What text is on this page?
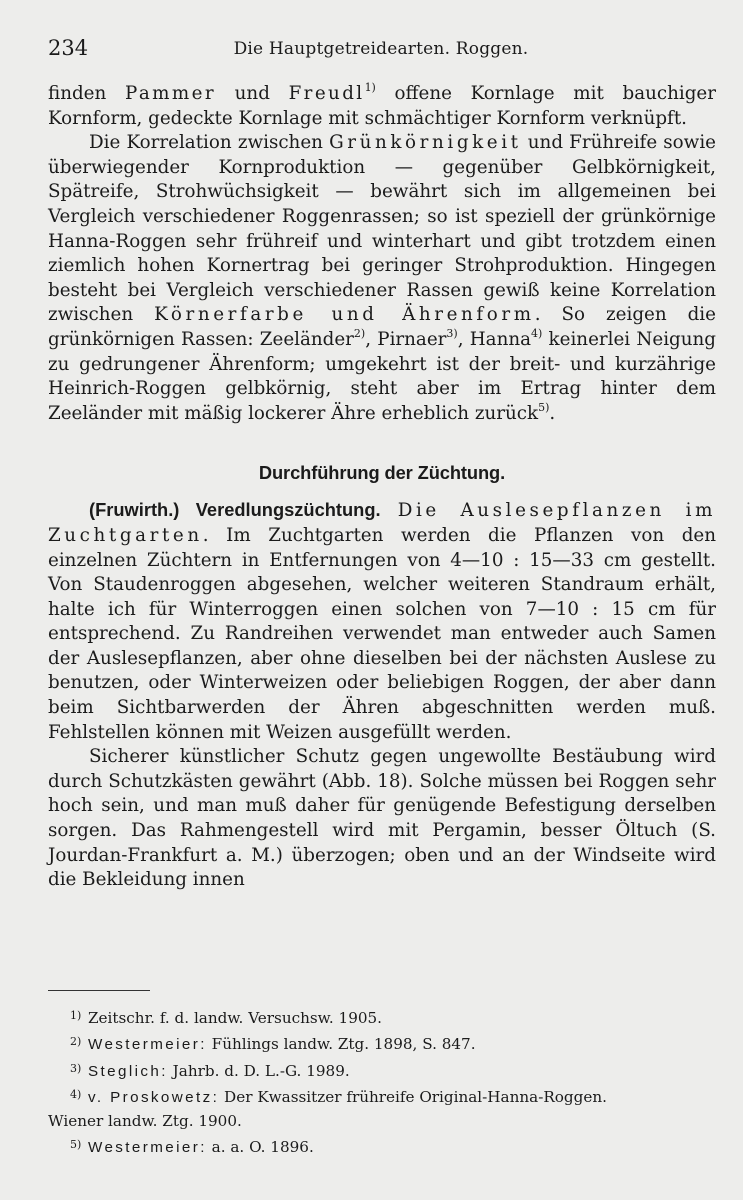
234	Die Hauptgetreidearten. Roggen.

finden Pammer und Freudl$^{1)}$ offene Kornlage mit bauchiger Kornform, gedeckte Kornlage mit schmächtiger Kornform verknüpft.

Die Korrelation zwischen Grünkörnigkeit und Frühreife sowie überwiegender Kornproduktion — gegenüber Gelbkörnigkeit, Spätreife, Strohwüchsigkeit — bewährt sich im allgemeinen bei Vergleich verschiedener Roggenrassen; so ist speziell der grünkörnige Hanna-Roggen sehr frühreif und winterhart und gibt trotzdem einen ziemlich hohen Kornertrag bei geringer Strohproduktion. Hingegen besteht bei Vergleich verschiedener Rassen gewiß keine Korrelation zwischen Körnerfarbe und Ährenform. So zeigen die grünkörnigen Rassen: Zeeländer$^{2)}$, Pirnaer$^{3)}$, Hanna$^{4)}$ keinerlei Neigung zu gedrungener Ährenform; umgekehrt ist der breit- und kurzährige Heinrich-Roggen gelbkörnig, steht aber im Ertrag hinter dem Zeeländer mit mäßig lockerer Ähre erheblich zurück$^{5)}$.

Durchführung der Züchtung.

(Fruwirth.) Veredlungszüchtung. Die Auslesepflanzen im Zuchtgarten. Im Zuchtgarten werden die Pflanzen von den einzelnen Züchtern in Entfernungen von 4—10 : 15—33 cm gestellt. Von Staudenroggen abgesehen, welcher weiteren Standraum erhält, halte ich für Winterroggen einen solchen von 7—10 : 15 cm für entsprechend. Zu Randreihen verwendet man entweder auch Samen der Auslesepflanzen, aber ohne dieselben bei der nächsten Auslese zu benutzen, oder Winterweizen oder beliebigen Roggen, der aber dann beim Sichtbarwerden der Ähren abgeschnitten werden muß. Fehlstellen können mit Weizen ausgefüllt werden.

Sicherer künstlicher Schutz gegen ungewollte Bestäubung wird durch Schutzkästen gewährt (Abb. 18). Solche müssen bei Roggen sehr hoch sein, und man muß daher für genügende Befestigung derselben sorgen. Das Rahmengestell wird mit Pergamin, besser Öltuch (S. Jourdan-Frankfurt a. M.) überzogen; oben und an der Windseite wird die Bekleidung innen

1) Zeitschr. f. d. landw. Versuchsw. 1905.

2) Westermeier: Fühlings landw. Ztg. 1898, S. 847.

3) Steglich: Jahrb. d. D. L.-G. 1989.

4) v. Proskowetz: Der Kwassitzer frühreife Original-Hanna-Roggen.

Wiener landw. Ztg. 1900.

5) Westermeier: a. a. O. 1896.
